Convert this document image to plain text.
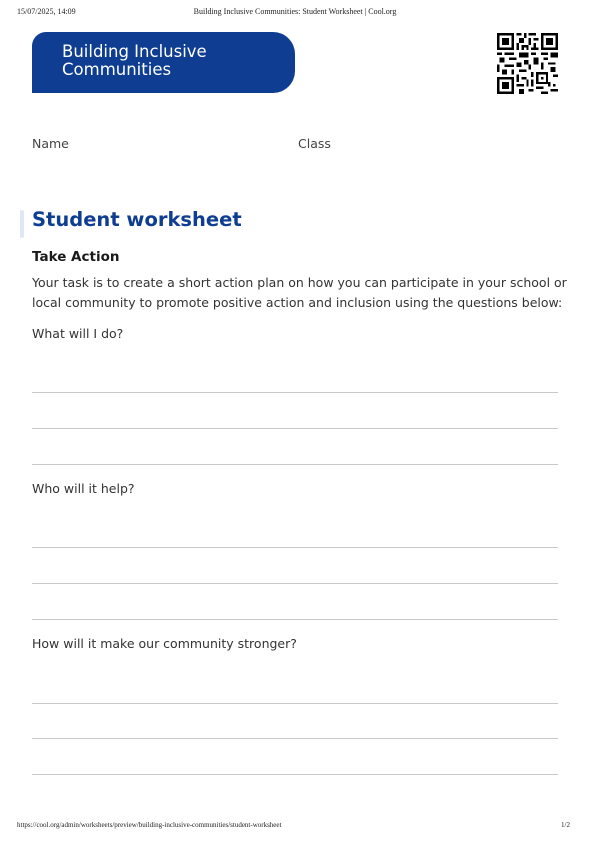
15/07/2025, 14:09	Building Inclusive Communities: Student Worksheet | Cool.org
Building Inclusive
Communities
Name	Class
Student worksheet
Take Action
Your task is to create a short action plan on how you can participate in your school or local community to promote positive action and inclusion using the questions below:
What will I do?
Who will it help?
How will it make our community stronger?
https://cool.org/admin/worksheets/preview/building-inclusive-communities/student-worksheet	1/2
